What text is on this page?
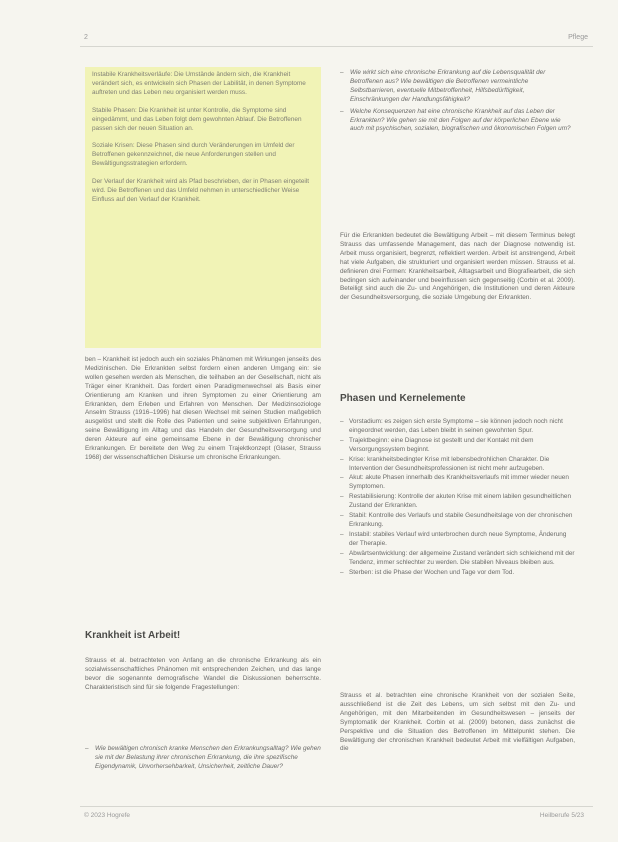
2	Pflege

Instabile Krankheitsverläufe: Die Umstände ändern sich, die Krankheit verändert sich, es entwickeln sich Phasen der Labilität, in denen Symptome auftreten und das Leben neu organisiert werden muss.

Stabile Phasen: Die Krankheit ist unter Kontrolle, die Symptome sind eingedämmt, und das Leben folgt dem gewohnten Ablauf. Die Betroffenen passen sich der neuen Situation an.

Soziale Krisen: Diese Phasen sind durch Veränderungen im Umfeld der Betroffenen gekennzeichnet, die neue Anforderungen stellen und Bewältigungsstrategien erfordern.

Der Verlauf der Krankheit wird als Pfad beschrieben, der in Phasen eingeteilt wird. Die Betroffenen und das Umfeld nehmen in unterschiedlicher Weise Einfluss auf den Verlauf der Krankheit.

ben – Krankheit ist jedoch auch ein soziales Phänomen mit Wirkungen jenseits des Medizinischen. Die Erkrankten selbst fordern einen anderen Umgang ein: sie wollen gesehen werden als Menschen, die teilhaben an der Gesellschaft, nicht als Träger einer Krankheit. Das fordert einen Paradigmenwechsel als Basis einer Orientierung am Kranken und ihren Symptomen zu einer Orientierung am Erkrankten, dem Erleben und Erfahren von Menschen. Der Medizinsoziologe Anselm Strauss (1916–1996) hat diesen Wechsel mit seinen Studien maßgeblich ausgelöst und stellt die Rolle des Patienten und seine subjektiven Erfahrungen, seine Bewältigung im Alltag und das Handeln der Gesundheitsversorgung und deren Akteure auf eine gemeinsame Ebene in der Bewältigung chronischer Erkrankungen. Er bereitete den Weg zu einem Trajektkonzept (Glaser, Strauss 1968) der wissenschaftlichen Diskurse um chronische Erkrankungen.

Krankheit ist Arbeit!

Strauss et al. betrachteten von Anfang an die chronische Erkrankung als ein sozialwissenschaftliches Phänomen mit entsprechenden Zeichen, und das lange bevor die sogenannte demografische Wandel die Diskussionen beherrschte. Charakteristisch sind für sie folgende Fragestellungen:

– Wie bewältigen chronisch kranke Menschen den Erkrankungsalltag? Wie gehen sie mit der Belastung ihrer chronischen Erkrankung, die ihre spezifische Eigendynamik, Unvorhersehbarkeit, Unsicherheit, zeitliche Dauer?
– Wie wirkt sich eine chronische Erkrankung auf die Lebensqualität der Betroffenen aus? Wie bewältigen die Betroffenen vermeintliche Selbstbarrieren, eventuelle Mitbetroffenheit, Hilfsbedürftigkeit, Einschränkungen der Handlungsfähigkeit?
– Welche Konsequenzen hat eine chronische Krankheit auf das Leben der Erkrankten? Wie gehen sie mit den Folgen auf der körperlichen Ebene wie auch mit psychischen, sozialen, biografischen und ökonomischen Folgen um?

Für die Erkrankten bedeutet die Bewältigung Arbeit – mit diesem Terminus belegt Strauss das umfassende Management, das nach der Diagnose notwendig ist. Arbeit muss organisiert, begrenzt, reflektiert werden. Arbeit ist anstrengend, Arbeit hat viele Aufgaben, die strukturiert und organisiert werden müssen. Strauss et al. definieren drei Formen: Krankheitsarbeit, Alltagsarbeit und Biografiearbeit, die sich bedingen sich aufeinander und beeinflussen sich gegenseitig (Corbin et al. 2009). Beteiligt sind auch die Zu- und Angehörigen, die Institutionen und deren Akteure der Gesundheitsversorgung, die soziale Umgebung der Erkrankten.

Phasen und Kernelemente
– Vorstadium: es zeigen sich erste Symptome – sie können jedoch noch nicht eingeordnet werden, das Leben bleibt in seinen gewohnten Spur.
– Trajektbeginn: eine Diagnose ist gestellt und der Kontakt mit dem Versorgungssystem beginnt.
– Krise: krankheitsbedingter Krise mit lebensbedrohlichen Charakter. Die Intervention der Gesundheitsprofessionen ist nicht mehr aufzugeben.
– Akut: akute Phasen innerhalb des Krankheitsverlaufs mit immer wieder neuen Symptomen.
– Restabilisierung: Kontrolle der akuten Krise mit einem labilen gesundheitlichen Zustand der Erkrankten.
– Stabil: Kontrolle des Verlaufs und stabile Gesundheitslage von der chronischen Erkrankung.
– Instabil: stabiles Verlauf wird unterbrochen durch neue Symptome, Änderung der Therapie.
– Abwärtsentwicklung: der allgemeine Zustand verändert sich schleichend mit der Tendenz, immer schlechter zu werden. Die stabilen Niveaus bleiben aus.
– Sterben: ist die Phase der Wochen und Tage vor dem Tod.

Strauss et al. betrachten eine chronische Krankheit von der sozialen Seite, ausschließend ist die Zeit des Lebens, um sich selbst mit den Zu- und Angehörigen, mit den Mitarbeitenden im Gesundheitswesen – jenseits der Symptomatik der Krankheit. Corbin et al. (2009) betonen, dass zunächst die Perspektive und die Situation des Betroffenen im Mittelpunkt stehen. Die Bewältigung der chronischen Krankheit bedeutet Arbeit mit vielfältigen Aufgaben, die

© 2023 Hogrefe	Heilberufe 5/23
